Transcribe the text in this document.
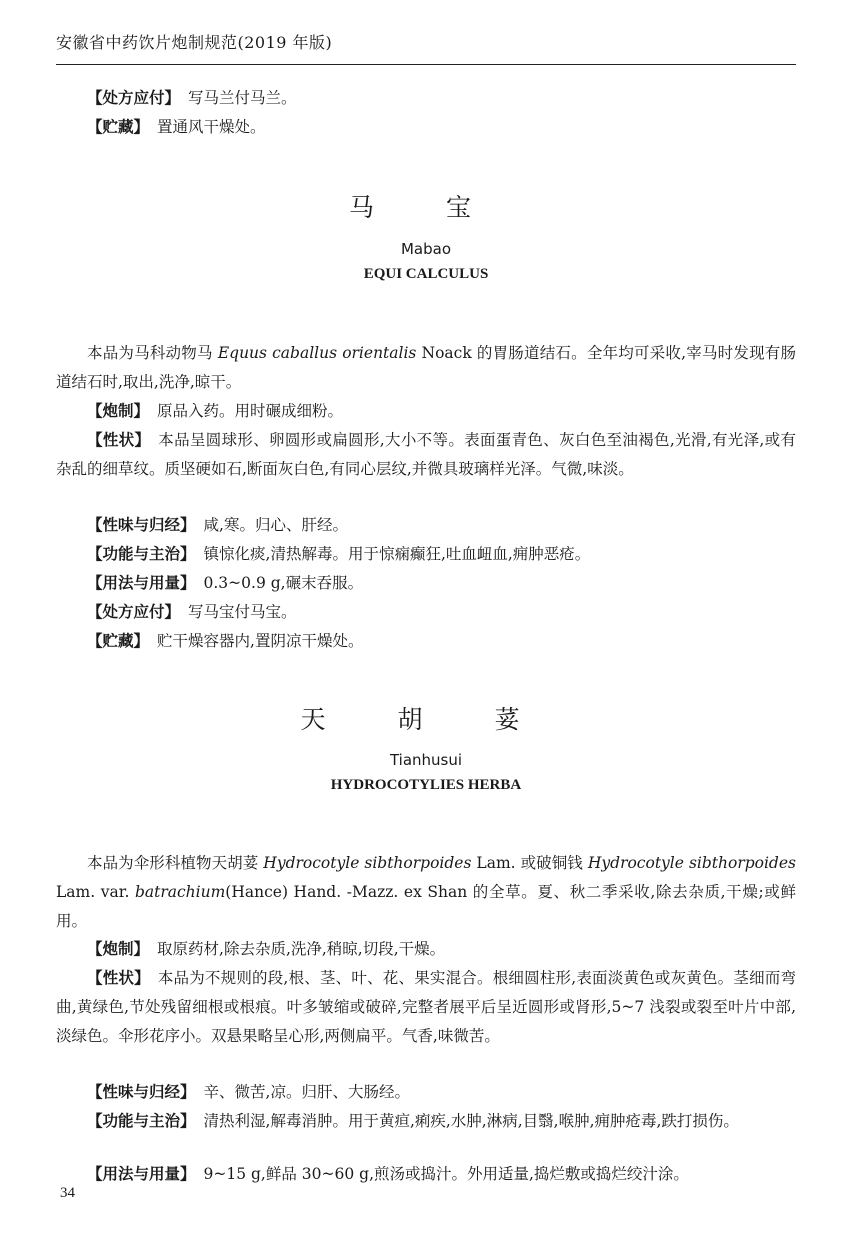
安徽省中药饮片炮制规范(2019 年版)
【处方应付】 写马兰付马兰。
【贮藏】 置通风干燥处。
马 宝
Mabao
EQUI CALCULUS
本品为马科动物马 Equus caballus orientalis Noack 的胃肠道结石。全年均可采收,宰马时发现有肠道结石时,取出,洗净,晾干。
【炮制】 原品入药。用时碾成细粉。
【性状】 本品呈圆球形、卵圆形或扁圆形,大小不等。表面蛋青色、灰白色至油褐色,光滑,有光泽,或有杂乱的细草纹。质坚硬如石,断面灰白色,有同心层纹,并微具玻璃样光泽。气微,味淡。
【性味与归经】 咸,寒。归心、肝经。
【功能与主治】 镇惊化痰,清热解毒。用于惊痫癫狂,吐血衄血,痈肿恶疮。
【用法与用量】 0.3~0.9 g,碾末吞服。
【处方应付】 写马宝付马宝。
【贮藏】 贮干燥容器内,置阴凉干燥处。
天 胡 荽
Tianhusui
HYDROCOTYLIES HERBA
本品为伞形科植物天胡荽 Hydrocotyle sibthorpoides Lam. 或破铜钱 Hydrocotyle sibthorpoides Lam. var. batrachium(Hance) Hand. -Mazz. ex Shan 的全草。夏、秋二季采收,除去杂质,干燥;或鲜用。
【炮制】 取原药材,除去杂质,洗净,稍晾,切段,干燥。
【性状】 本品为不规则的段,根、茎、叶、花、果实混合。根细圆柱形,表面淡黄色或灰黄色。茎细而弯曲,黄绿色,节处残留细根或根痕。叶多皱缩或破碎,完整者展平后呈近圆形或肾形,5~7 浅裂或裂至叶片中部,淡绿色。伞形花序小。双悬果略呈心形,两侧扁平。气香,味微苦。
【性味与归经】 辛、微苦,凉。归肝、大肠经。
【功能与主治】 清热利湿,解毒消肿。用于黄疸,痢疾,水肿,淋病,目翳,喉肿,痈肿疮毒,跌打损伤。
【用法与用量】 9~15 g,鲜品 30~60 g,煎汤或捣汁。外用适量,捣烂敷或捣烂绞汁涂。
34
